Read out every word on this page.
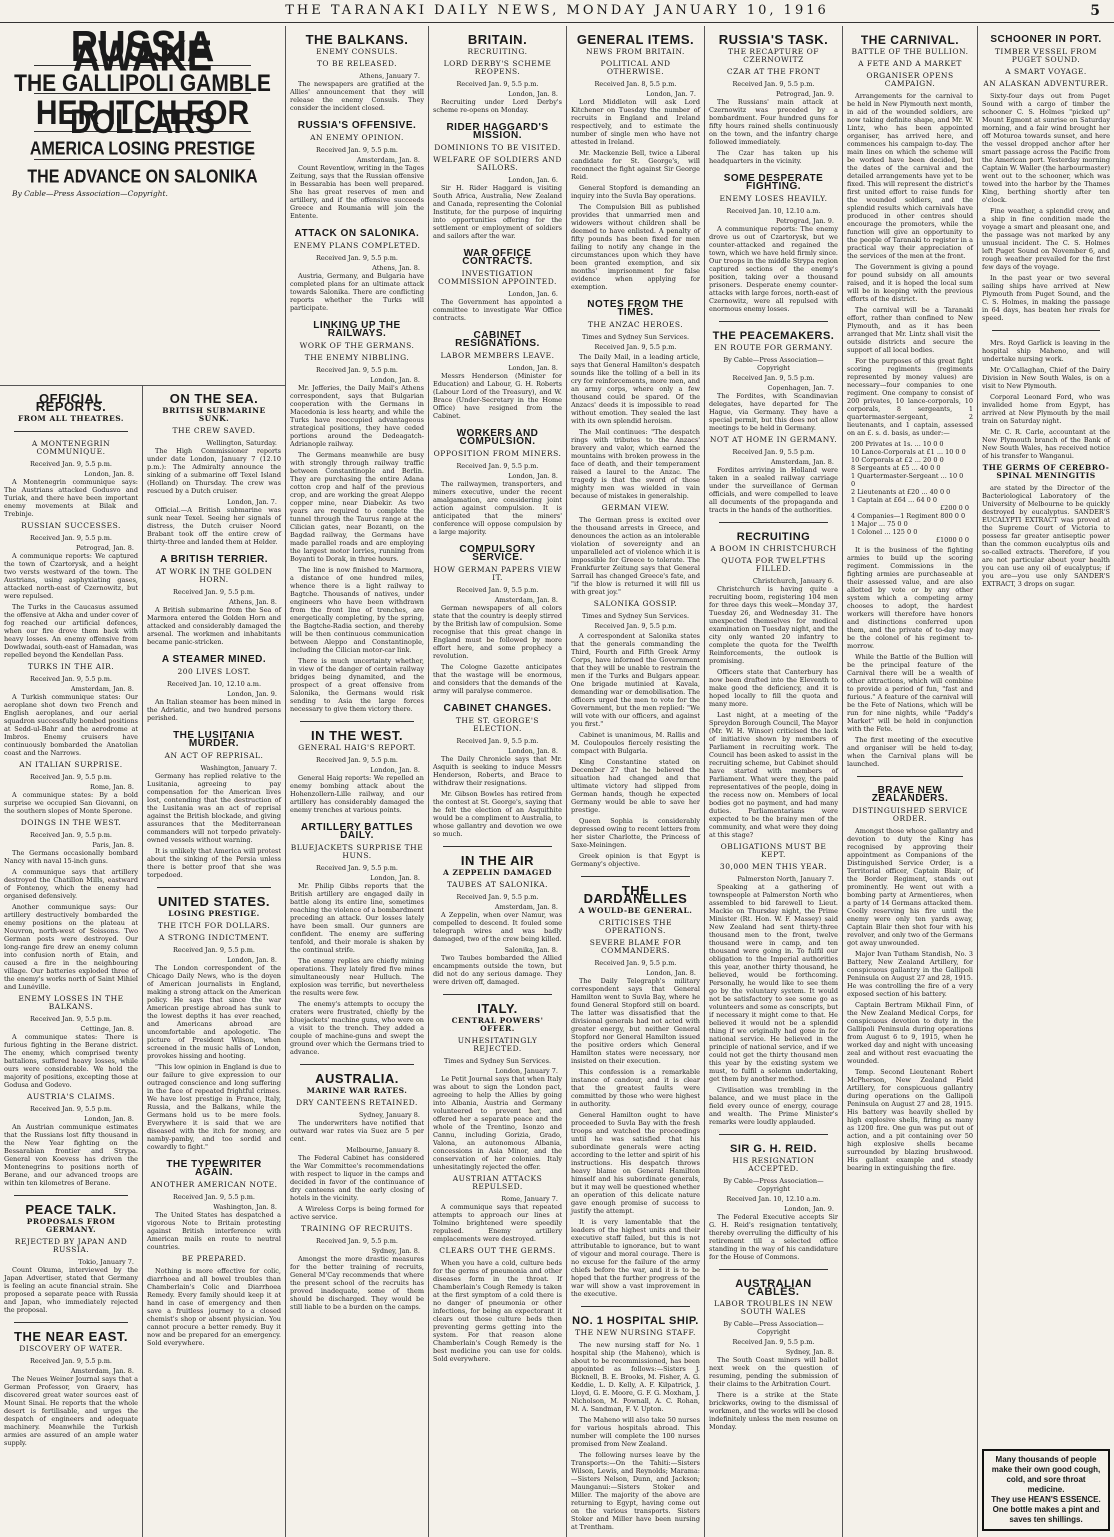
THE TARANAKI DAILY NEWS, MONDAY JANUARY 10, 1916	5
RUSSIA AWAKE
THE GALLIPOLI GAMBLE
HER ITCH FOR DOLLARS
AMERICA LOSING PRESTIGE
THE ADVANCE ON SALONIKA
By Cable—Press Association—Copyright.
OFFICIAL REPORTS.
FROM ALL THEATRES.
A MONTENEGRIN COMMUNIQUE.
Received Jan. 9, 5.5 p.m.
London, Jan. 8.

A Montenegrin communique says: The Austrians attacked Godusvo and Turiak, and there have been important enemy movements at Bilak and Trebinje.

RUSSIAN SUCCESSES.
Received Jan. 9, 5.5 p.m.
Petrograd, Jan. 8.

A communique reports: We captured the town of Czartorysk, and a height two versts westward of the town. The Austrians, using asphyxiating gases, attacked north-east of Czernowitz, but were repulsed.

The Turks in the Caucasus assumed the offensive at Akha and under cover of fog reached our artificial defences, when our fire drove them back with heavy losses. An enemy offensive from Dowlwadai, south-east of Hamadan, was repelled beyond the Kendellan Pass.

TURKS IN THE AIR.
Received Jan. 9, 5.5 p.m.
Amsterdam, Jan. 8.

A Turkish communique states: Our aeroplane shot down two French and English aeroplanes, and our aerial squadron successfully bombed positions at Sedd-ul-Bahr and the aerodrome at Imbros. Enemy cruisers have continuously bombarded the Anatolian coast and the Narrows.

AN ITALIAN SURPRISE.
Received Jan. 9, 5.5 p.m.
Rome, Jan. 8.

A communique states: By a bold surprise we occupied San Giovanni, on the southern slopes of Monte Sperone.

DOINGS IN THE WEST.
Received Jan. 9, 5.5 p.m.
Paris, Jan. 8.

The Germans occasionally bombard Nancy with naval 15-inch guns.

A communique says that artillery destroyed the Chatillon Mills, eastward of Fontenoy, which the enemy had organised defensively.

Another communique says: Our artillery destructively bombarded the enemy positions on the plateau at Nouvron, north-west of Soissons. Two German posts were destroyed. Our long-range fire drew an enemy column into confusion north of Etain, and caused a fire in the neighbouring village. Our batteries exploded three of the enemy's works north of Saint Mihiel and Lunéville.

ENEMY LOSSES IN THE BALKANS.
Received Jan. 9, 5.5 p.m.
Cettinge, Jan. 8.

A communique states: There is furious fighting in the Berane district. The enemy, which comprised twenty battalions, suffered heavy losses, while ours were considerable. We hold the majority of positions, excepting those at Godusa and Godevo.

AUSTRIA'S CLAIMS.
Received Jan. 9, 5.5 p.m.
London, Jan. 8.

An Austrian communique estimates that the Russians lost fifty thousand in the New Year fighting on the Bessarabian frontier and Strypa. General von Koevess has driven the Montenegrins to positions north of Berane, and our advanced troops are within ten kilometres of Berane.

PEACE TALK.
PROPOSALS FROM GERMANY.
REJECTED BY JAPAN AND RUSSIA.
Tokio, January 7.

Count Okuma, interviewed by the Japan Advertiser, stated that Germany is feeling an acute financial strain. She proposed a separate peace with Russia and Japan, who immediately rejected the proposal.

THE NEAR EAST.
DISCOVERY OF WATER.
Received Jan. 9, 5.5 p.m.
Amsterdam, Jan. 8.

The Neues Weiner Journal says that a German Professor, von Graerv, has discovered great water sources east of Mount Sinai. He reports that the whole desert is fertilisable, and urges the despatch of engineers and adequate machinery. Meanwhile the Turkish armies are assured of an ample water supply.

ON THE SEA.
BRITISH SUBMARINE SUNK.
THE CREW SAVED.
Wellington, Saturday.

The High Commissioner reports under date London, January 7 (12.10 p.m.): The Admiralty announce the sinking of a submarine off Texel Island (Holland) on Thursday. The crew was rescued by a Dutch cruiser.

London, Jan. 7.

Official.—A British submarine was sunk near Texel. Seeing her signals of distress, the Dutch cruiser Noord Brabant took off the entire crew of thirty-three and landed them at Helder.

A BRITISH TERRIER.
AT WORK IN THE GOLDEN HORN.
Received Jan. 9, 5.5 p.m.
Athens, Jan. 8.

A British submarine from the Sea of Marmora entered the Golden Horn and attacked and considerably damaged the arsenal. The workmen and inhabitants became panic-stricken.

A STEAMER MINED.
200 LIVES LOST.
Received Jan. 10, 12.10 a.m.
London, Jan. 9.

An Italian steamer has been mined in the Adriatic, and two hundred persons perished.

THE LUSITANIA MURDER.
AN ACT OF REPRISAL.
Washington, January 7.

Germany has replied relative to the Lusitania, agreeing to pay compensation for the American lives lost, contending that the destruction of the Lusitania was an act of reprisal against the British blockade, and giving assurances that the Mediterranean commanders will not torpedo privately-owned vessels without warning.

It is unlikely that America will protest about the sinking of the Persia unless there is better proof that she was torpedoed.

UNITED STATES.
LOSING PRESTIGE.
THE ITCH FOR DOLLARS.
A STRONG INDICTMENT.
Received Jan. 9, 5.5 p.m.
London, Jan. 8.

The London correspondent of the Chicago Daily News, who is the doyen of American journalists in England, making a strong attack on the American policy. He says that since the war American prestige abroad has sunk to the lowest depths it has ever reached, and Americans abroad are uncomfortable and apologetic. The picture of President Wilson, when screened in the music halls of London, provokes hissing and hooting.

"This low opinion in England is due to our failure to give expression to our outraged conscience and long suffering in the face of repeated frightful crimes. We have lost prestige in France, Italy, Russia, and the Balkans, while the Germans hold us to be mere fools. Everywhere it is said that we are diseased with the itch for money, are namby-pamby, and too sordid and cowardly to fight."

THE TYPEWRITER AGAIN.
ANOTHER AMERICAN NOTE.
Received Jan. 9, 5.5 p.m.
Washington, Jan. 8.

The United States has despatched a vigorous Note to Britain protesting against British interference with American mails en route to neutral countries.

BE PREPARED.

Nothing is more effective for colic, diarrhoea and all bowel troubles than Chamberlain's Colic and Diarrhoea Remedy. Every family should keep it at hand in case of emergency and then save a fruitless journey to a closed chemist's shop or absent physician. You cannot procure a better remedy. Buy it now and be prepared for an emergency. Sold everywhere.

THE BALKANS.
ENEMY CONSULS.
TO BE RELEASED.
Athens, January 7.

The newspapers are gratified at the Allies' announcement that they will release the enemy Consuls. They consider the incident closed.

RUSSIA'S OFFENSIVE.
AN ENEMY OPINION.
Received Jan. 9, 5.5 p.m.
Amsterdam, Jan. 8.

Count Reventlow, writing in the Tages Zeitung, says that the Russian offensive in Bessarabia has been well prepared. She has great reserves of men and artillery, and if the offensive succeeds Greece and Roumania will join the Entente.

ATTACK ON SALONIKA.
ENEMY PLANS COMPLETED.
Received Jan. 9, 5.5 p.m.
Athens, Jan. 8.

Austria, Germany, and Bulgaria have completed plans for an ultimate attack towards Salonika. There are conflicting reports whether the Turks will participate.

LINKING UP THE RAILWAYS.
WORK OF THE GERMANS.
THE ENEMY NIBBLING.
Received Jan. 9, 5.5 p.m.
London, Jan. 8.

Mr. Jefferies, the Daily Mail's Athens correspondent, says that Bulgarian cooperation with the Germans in Macedonia is less hearty, and while the Turks have reoccupied advantageous strategical positions, they have ceded portions around the Dedeagatch-Adrianople railway.

The Germans meanwhile are busy with strongly through railway traffic between Constantinople and Berlin. They are purchasing the entire Adana cotton crop and half of the previous crop, and are working the great Aleppo copper mine, near Diabekir. As two years are required to complete the tunnel through the Taurus range at the Cilician gates, near Bozanti, on the Bagdad railway, the Germans have made parallel roads and are employing the largest motor lorries, running from Boyanti to Dorak, in three hours.

The line is now finished to Marmora, a distance of one hundred miles, whence there is a light railway to Bagtche. Thousands of natives, under engineers who have been withdrawn from the front line of trenches, are energetically completing, by the spring, the Bagtche-Radia section, and thereby will be then continuous communication between Aleppo and Constantinople, including the Cilician motor-car link.

There is much uncertainty whether, in view of the danger of certain railway bridges being dynamited, and the prospect of a great offensive from Salonika, the Germans would risk sending to Asia the large forces necessary to give them victory there.

IN THE WEST.
GENERAL HAIG'S REPORT.
Received Jan. 9, 5.5 p.m.
London, Jan. 8.

General Haig reports: We repelled an enemy bombing attack about the Hohenzollern-Lille railway, and our artillery has considerably damaged the enemy trenches at various points.

ARTILLERY BATTLES DAILY.
BLUEJACKETS SURPRISE THE HUNS.
Received Jan. 9, 5.5 p.m.
London, Jan. 8.

Mr. Philip Gibbs reports that the British artillery are engaged daily in battle along its entire line, sometimes reaching the violence of a bombardment preceding an attack. Our losses lately have been small. Our gunners are confident. The enemy are suffering tenfold, and their morale is shaken by the continual strife.

The enemy replies are chiefly mining operations. They lately fired five mines simultaneously near Hulluch. The explosion was terrific, but nevertheless the results were few.

The enemy's attempts to occupy the craters were frustrated, chiefly by the bluejackets' machine guns, who were on a visit to the trench. They added a couple of machine-guns and swept the ground over which the Germans tried to advance.

AUSTRALIA.
MARINE WAR RATES.
DRY CANTEENS RETAINED.
Sydney, January 8.

The underwriters have notified that outward war rates via Suez are 5 per cent.

Melbourne, January 8.

The Federal Cabinet has considered the War Committee's recommendations with respect to liquor in the camps and decided in favor of the continuance of dry canteens and the early closing of hotels in the vicinity.

A Wireless Corps is being formed for active service.

TRAINING OF RECRUITS.
Received Jan. 9, 5.5 p.m.
Sydney, Jan. 8.

Amongst the more drastic measures for the better training of recruits, General M'Cay recommends that where the present school of the recruits has proved inadequate, some of them should be discharged. They would be still liable to be a burden on the camps.

BRITAIN.
RECRUITING.
LORD DERBY'S SCHEME REOPENS.
Received Jan. 9, 5.5 p.m.
London, Jan. 8.

Recruiting under Lord Derby's scheme re-opens on Monday.

RIDER HAGGARD'S MISSION.
DOMINIONS TO BE VISITED.
WELFARE OF SOLDIERS AND SAILORS.
London, Jan. 6.

Sir H. Rider Haggard is visiting South Africa, Australia, New Zealand and Canada, representing the Colonial Institute, for the purpose of inquiring into opportunities offering for the settlement or employment of soldiers and sailors after the war.

WAR OFFICE CONTRACTS.
INVESTIGATION COMMISSION APPOINTED.
London, Jan. 6.

The Government has appointed a committee to investigate War Office contracts.

CABINET RESIGNATIONS.
LABOR MEMBERS LEAVE.
London, Jan. 8.

Messrs Henderson (Minister for Education) and Labour, G. H. Roberts (Labour Lord of the Treasury), and W. Brace (Under-Secretary in the Home Office) have resigned from the Cabinet.

WORKERS AND COMPULSION.
OPPOSITION FROM MINERS.
Received Jan. 9, 5.5 p.m.
London, Jan. 8.

The railwaymen, transporters, and miners executive, under the recent amalgamation, are considering joint action against compulsion. It is anticipated that the miners' conference will oppose compulsion by a large majority.

COMPULSORY SERVICE.
HOW GERMAN PAPERS VIEW IT.
Received Jan. 9, 5.5 p.m.
Amsterdam, Jan. 8.

German newspapers of all colors state that the country is deeply stirred by the British law of compulsion. Some recognise that this great change in England must be followed by more effort here, and some prophecy a revolution.

The Cologne Gazette anticipates that the wastage will be enormous, and considers that the demands of the army will paralyse commerce.

CABINET CHANGES.
THE ST. GEORGE'S ELECTION.
Received Jan. 9, 5.5 p.m.
London, Jan. 8.

The Daily Chronicle says that Mr. Asquith is seeking to induce Messrs Henderson, Roberts, and Brace to withdraw their resignations.

Mr. Gibson Bowles has retired from the contest at St. George's, saying that he felt the election of an Asquithite would be a compliment to Australia, to whose gallantry and devotion we owe so much.

IN THE AIR
A ZEPPELIN DAMAGED
TAUBES AT SALONIKA.
Received Jan. 9, 5.5 p.m.
Amsterdam, Jan. 8.

A Zeppelin, when over Namur, was compelled to descend. It fouled some telegraph wires and was badly damaged, two of the crew being killed.

Salonika, Jan. 8.

Two Taubes bombarded the Allied encampments outside the town, but did not do any serious damage. They were driven off, damaged.

ITALY.
CENTRAL POWERS' OFFER.
UNHESITATINGLY REJECTED.
Times and Sydney Sun Services.
London, January 7.

Le Petit Journal says that when Italy was about to sign the London pact, agreeing to help the Allies by going into Albania, Austria and Germany volunteered to prevent her, and offered her a separate peace and the whole of the Trentino, Isonzo and Cannu, including Gorizia, Grado, Valona, an autonomous Albania, concessions in Asia Minor, and the conservation of her colonies. Italy unhesitatingly rejected the offer.

AUSTRIAN ATTACKS REPULSED.
Rome, January 7.

A communique says that repeated attempts to approach our lines at Tolmino brightened were speedily repulsed. Enemy artillery emplacements were destroyed.

CLEARS OUT THE GERMS.

When you have a cold, culture beds for the germs of pneumonia and other diseases form in the throat. If Chamberlain's Cough Remedy is taken at the first symptom of a cold there is no danger of pneumonia or other infections, for being an expectorant it clears out those culture beds then preventing germs getting into the system. For that reason alone Chamberlain's Cough Remedy is the best medicine you can use for colds. Sold everywhere.

GENERAL ITEMS.
NEWS FROM BRITAIN.
POLITICAL AND OTHERWISE.
Received Jan. 8, 5.5 p.m.
London, Jan. 7.

Lord Middleton will ask Lord Kitchener on Tuesday the number of recruits in England and Ireland respectively, and to estimate the number of single men who have not attested in Ireland.

Mr. Mackenzie Bell, twice a Liberal candidate for St. George's, will reconnect the fight against Sir George Reid.

General Stopford is demanding an inquiry into the Suvla Bay operations.

The Compulsion Bill as published provides that unmarried men and widowers without children shall be deemed to have enlisted. A penalty of fifty pounds has been fixed for men failing to notify any change in the circumstances upon which they have been granted exemption, and six months' imprisonment for false evidence when applying for exemption.

NOTES FROM THE TIMES.
THE ANZAC HEROES.
Times and Sydney Sun Services.
Received Jan. 9, 5.5 p.m.

The Daily Mail, in a leading article, says that General Hamilton's despatch sounds like the tolling of a bell in its cry for reinforcements, more men, and an army corps, where only a few thousand could be spared. Of the Anzacs' deeds it is impossible to read without emotion. They sealed the last with its own splendid heroism.

The Mail continues: "The despatch rings with tributes to the Anzacs' bravery and valor, which earned the mountains with broken prowess in the face of death, and their temperament raised a laurel to the Anzac. The tragedy is that the sword of those mighty men was wielded in vain because of mistakes in generalship.

GERMAN VIEW.

The German press is excited over the thousand arrests in Greece, and denounces the action as an intolerable violation of sovereignty and an unparalleled act of violence which it is impossible for Greece to tolerate. The Frankfurter Zeitung says that General Sarrail has changed Greece's fate, and "if the blow is returned it will fill us with great joy."

SALONIKA GOSSIP.
Times and Sydney Sun Services.
Received Jan. 9, 5.5 p.m.

A correspondent at Salonika states that the generals commanding the Third, Fourth and Fifth Greek Army Corps, have informed the Government that they will be unable to restrain the men if the Turks and Bulgars appear. One brigade mutinied at Kavala, demanding war or demobilisation. The officers urged the men to vote for the Government, but the men replied: "We will vote with our officers, and against you first."

Cabinet is unanimous, M. Rallis and M. Coulopoulos fiercely resisting the compact with Bulgaria.

King Constantine stated on December 27 that he believed the situation had changed and that ultimate victory had slipped from German hands, though he expected Germany would be able to save her prestige.

Queen Sophia is considerably depressed owing to recent letters from her sister Charlotte, the Princess of Saxe-Meiningen.

Greek opinion is that Egypt is Germany's objective.

THE DARDANELLES
A WOULD-BE GENERAL.
CRITICISES THE OPERATIONS.
SEVERE BLAME FOR COMMANDERS.
Received Jan. 9, 5.5 p.m.
London, Jan. 8.

The Daily Telegraph's military correspondent says that General Hamilton went to Suvla Bay, where he found General Stopford still on board. The latter was dissatisfied that the divisional generals had not acted with greater energy, but neither General Stopford nor General Hamilton issued the positive orders which General Hamilton states were necessary, nor insisted on their execution.

This confession is a remarkable instance of candour, and it is clear that the greatest faults were committed by those who were highest in authority.

General Hamilton ought to have proceeded to Suvla Bay with the fresh troops and watched the proceedings until he was satisfied that his subordinate generals were acting according to the letter and spirit of his instructions. His despatch throws heavy blame on General Hamilton himself and his subordinate generals, but it may well be questioned whether an operation of this delicate nature gave enough promise of success to justify the attempt.

It is very lamentable that the leaders of the highest units and their executive staff failed, but this is not attributable to ignorance, but to want of vigour and moral courage. There is no excuse for the failure of the army chiefs before the war, and it is to be hoped that the further progress of the war will show a vast improvement in the executive.

NO. 1 HOSPITAL SHIP.
THE NEW NURSING STAFF.

The new nursing staff for No. 1 hospital ship (the Maheno), which is about to be recommissioned, has been appointed as follows:—Sisters J. Bicknell, B. E. Brooks, M. Fisher, A. G. Keddie, L. D. Kelly, A. F. Kilpatrick, J. Lloyd, G. E. Moore, G. F. G. Moxham, J. Nicholson, M. Pownall, A. C. Rohan, M. A. Sandman, F. V. Upton.

The Maheno will also take 50 nurses for various hospitals abroad. This number will complete the 100 nurses promised from New Zealand.

The following nurses leave by the Transports:—On the Tahiti:—Sisters Wilson, Lewis, and Reynolds; Marama:—Sisters Nelson, Dunn, and Jackson; Maunganui:—Sisters Stoker and Miller. The majority of the above are returning to Egypt, having come out on the various transports. Sisters Stoker and Miller have been nursing at Trentham.

RUSSIA'S TASK.
THE RECAPTURE OF CZERNOWITZ
CZAR AT THE FRONT
Received Jan. 9, 5.5 p.m.
Petrograd, Jan. 9.

The Russians' main attack at Czernowitz was preceded by a bombardment. Four hundred guns for fifty hours rained shells continuously on the town, and the infantry charge followed immediately.

The Czar has taken up his headquarters in the vicinity.

SOME DESPERATE FIGHTING.
ENEMY LOSES HEAVILY.
Received Jan. 10, 12.10 a.m.
Petrograd, Jan. 9.

A communique reports: The enemy drove us out of Czartorysk, but we counter-attacked and regained the town, which we have held firmly since. Our troops in the middle Strypa region captured sections of the enemy's position, taking over a thousand prisoners. Desperate enemy counter-attacks with large forces, north-east of Czernowitz, were all repulsed with enormous enemy losses.

THE PEACEMAKERS.
EN ROUTE FOR GERMANY.
By Cable—Press Association—Copyright
Received Jan. 9, 5.5 p.m.
Copenhagen, Jan. 7.

The Fordites, with Scandinavian delegates, have departed for The Hague, via Germany. They have a special permit, but this does not allow meetings to be held in Germany.

NOT AT HOME IN GERMANY.
Received Jan. 9, 5.5 p.m.
Amsterdam, Jan. 8.

Fordites arriving in Holland were taken in a sealed railway carriage under the surveillance of German officials, and were compelled to leave all documents of the propaganda and tracts in the hands of the authorities.

RECRUITING
A BOOM IN CHRISTCHURCH
QUOTA FOR TWELFTHS FILLED.
Christchurch, January 6.

Christchurch is having quite a recruiting boom, registering 104 men for three days this week—Monday 37, Tuesday 26, and Wednesday 31. The unexpected themselves for medical examination on Tuesday night, and the city only wanted 20 infantry to complete the quota for the Twelfth Reinforcements, the outlook is promising.

Officers state that Canterbury has now been drafted into the Eleventh to make good the deficiency, and it is hoped locally to fill the quota and many more.

Last night, at a meeting of the Spreydon Borough Council, The Mayor (Mr. W. H. Winsor) criticised the lack of initiative shown by members of Parliament in recruiting work. The Council has been asked to assist in the recruiting scheme, but Cabinet should have started with members of Parliament. What were they, the paid representatives of the people, doing in the recess now on. Members of local bodies got no payment, and had many duties. Parliamentarians were expected to be the brainy men of the community, and what were they doing at this stage?

OBLIGATIONS MUST BE KEPT.
30,000 MEN THIS YEAR.
Palmerston North, January 7.

Speaking at a gathering of townspeople at Palmerston North who assembled to bid farewell to Lieut. Mackie on Thursday night, the Prime Minister (Rt. Hon. W. F. Massey) said New Zealand had sent thirty-three thousand men to the front, twelve thousand were in camp, and ten thousand were going in. To fulfil our obligation to the Imperial authorities this year, another thirty thousand, he believed, would be forthcoming. Personally, he would like to see them go by the voluntary system. It would not be satisfactory to see some go as volunteers and some as conscripts, but if necessary it might come to that. He believed it would not be a splendid thing if we originally had gone in for national service. He believed in the principle of national service, and if we could not get the thirty thousand men this year by the existing system we must, to fulfil a solemn undertaking, get them by another method.

Civilisation was trembling in the balance, and we must place in the field every ounce of energy, courage and wealth. The Prime Minister's remarks were loudly applauded.

SIR G. H. REID.
HIS RESIGNATION ACCEPTED.
By Cable—Press Association—Copyright
Received Jan. 10, 12.10 a.m.
London, Jan. 9.

The Federal Executive accepts Sir G. H. Reid's resignation tentatively, thereby overruling the difficulty of his retirement till a selected office standing in the way of his candidature for the House of Commons.

AUSTRALIAN CABLES.
LABOR TROUBLES IN NEW SOUTH WALES
By Cable—Press Association—Copyright
Received Jan. 9, 5.5 p.m.
Sydney, Jan. 8.

The South Coast miners will ballot next week on the question of resuming, pending the submission of their claims to the Arbitration Court.

There is a strike at the State brickworks, owing to the dismissal of workmen, and the works will be closed indefinitely unless the men resume on Monday.

THE CARNIVAL.
BATTLE OF THE BULLION.
A FETE AND A MARKET
ORGANISER OPENS CAMPAIGN.

Arrangements for the carnival to be held in New Plymouth next month, in aid of the wounded soldiers, are now taking definite shape, and Mr. W. Lintz, who has been appointed organiser, has arrived here, and commences his campaign to-day. The main lines on which the scheme will be worked have been decided, but the dates of the carnival and the detailed arrangements have yet to be fixed. This will represent the district's first united effort to raise funds for the wounded soldiers, and the splendid results which carnivals have produced in other centres should encourage the promoters, while the function will give an opportunity to the people of Taranaki to register in a practical way their appreciation of the services of the men at the front.

The Government is giving a pound for pound subsidy on all amounts raised, and it is hoped the local sum will be in keeping with the previous efforts of the district.

The carnival will be a Taranaki effort, rather than confined to New Plymouth, and as it has been arranged that Mr. Lintz shall visit the outside districts and secure the support of all local bodies.

For the purposes of this great fight scoring regiments (regiments represented by money values) are necessary—four companies to one regiment. One company to consist of 200 privates, 10 lance-corporals, 10 corporals, 8 sergeants, 1 quartermaster-sergeant, 2 lieutenants, and 1 captain, assessed on an £. s. d. basis, as under:—

200 Privates at 1s. ... 10 0 0
10 Lance-Corporals at £1 ... 10 0 0
10 Corporals at £2 ... 20 0 0
8 Sergeants at £5 ... 40 0 0
1 Quartermaster-Sergeant ... 10 0 0
2 Lieutenants at £20 ... 40 0 0
1 Captain at £64 ... 64 0 0
£200 0 0
4 Companies—1 Regiment 800 0 0
1 Major ... 75 0 0
1 Colonel ... 125 0 0
£1000 0 0

It is the business of the fighting armies to build up the scoring regiment. Commissions in the fighting armies are purchaseable at their assessed value, and are also allotted by vote or by any other system which a competing army chooses to adopt, the hardest workers will therefore have honors and distinctions conferred upon them, and the private of to-day may be the colonel of his regiment to-morrow.

While the Battle of the Bullion will be the principal feature of the Carnival there will be a wealth of other attractions, which will combine to provide a period of fun, "fast and furious." A feature of the carnival will be the Fete of Nations, which will be run for nine nights, while "Paddy's Market" will be held in conjunction with the Fete.

The first meeting of the executive and organiser will be held to-day, when the Carnival plans will be launched.

BRAVE NEW ZEALANDERS.
DISTINGUISHED SERVICE ORDER.

Amongst those whose gallantry and devotion to duty the King has recognised by approving their appointment as Companions of the Distinguished Service Order, is a Territorial officer, Captain Blair, of the Border Regiment, stands out prominently. He went out with a bombing party at Armentieres, when a party of 14 Germans attacked them. Coolly reserving his fire until the enemy were only ten yards away, Captain Blair then shot four with his revolver, and only two of the Germans got away unwounded.

Major Ivan Tutham Standish, No. 3 Battery, New Zealand Artillery, for conspicuous gallantry in the Gallipoli Peninsula on August 27 and 28, 1915. He was controlling the fire of a very exposed section of his battery.

Captain Bertram Mikhail Finn, of the New Zealand Medical Corps, for conspicuous devotion to duty in the Gallipoli Peninsula during operations from August 6 to 9, 1915, when he worked day and night with unceasing zeal and without rest evacuating the wounded.

Temp. Second Lieutenant Robert McPherson, New Zealand Field Artillery, for conspicuous gallantry during operations on the Gallipoli Peninsula on August 27 and 28, 1915. His battery was heavily shelled by high explosive shells, firing as many as 1200 fire. One gun was put out of action, and a pit containing over 50 high explosive shells became surrounded by blazing brushwood. His gallant example and steady bearing in extinguishing the fire.

SCHOONER IN PORT.
TIMBER VESSEL FROM PUGET SOUND.
A SMART VOYAGE.
AN ALASKAN ADVENTURER.

Sixty-four days out from Puget Sound with a cargo of timber the schooner C. S. Holmes "picked up" Mount Egmont at sunrise on Saturday morning, and a fair wind brought her off Moturoa towards sunset, and here the vessel dropped anchor after her smart passage across the Pacific from the American port. Yesterday morning Captain W. Waller (the harbourmaster) went out to the schooner, which was towed into the harbor by the Thames King, berthing shortly after ten o'clock.

Fine weather, a splendid crew, and a ship in fine condition made the voyage a smart and pleasant one, and the passage was not marked by any unusual incident. The C. S. Holmes left Puget Sound on November 6, and rough weather prevailed for the first few days of the voyage.

In the past year or two several sailing ships have arrived at New Plymouth from Puget Sound, and the C. S. Holmes, in making the passage in 64 days, has beaten her rivals for speed.

Mrs. Royd Garlick is leaving in the hospital ship Maheno, and will undertake nursing work.

Mr. O'Callaghan, Chief of the Dairy Division in New South Wales, is on a visit to New Plymouth.

Corporal Leonard Ford, who was invalided home from Egypt, has arrived at New Plymouth by the mail train on Saturday night.

Mr. C. R. Carle, accountant at the New Plymouth branch of the Bank of New South Wales, has received notice of his transfer to Wanganui.

THE GERMS OF CEREBRO-SPINAL MENINGITIS

are stated by the Director of the Bacteriological Laboratory of the University of Melbourne to be quickly destroyed by eucalyptus. SANDER'S EUCALYPTI EXTRACT was proved at the Supreme Court of Victoria to possess far greater antiseptic power than the common eucalyptus oils and so-called extracts. Therefore, if you are not particular about your health you can use any oil of eucalyptus; if you are—you use only SANDER'S EXTRACT, 3 drops on sugar.

Many thousands of people
make their own good cough,
cold, and sore throat medicine.
They use HEAN'S ESSENCE.
One bottle makes a pint and
saves ten shillings.
